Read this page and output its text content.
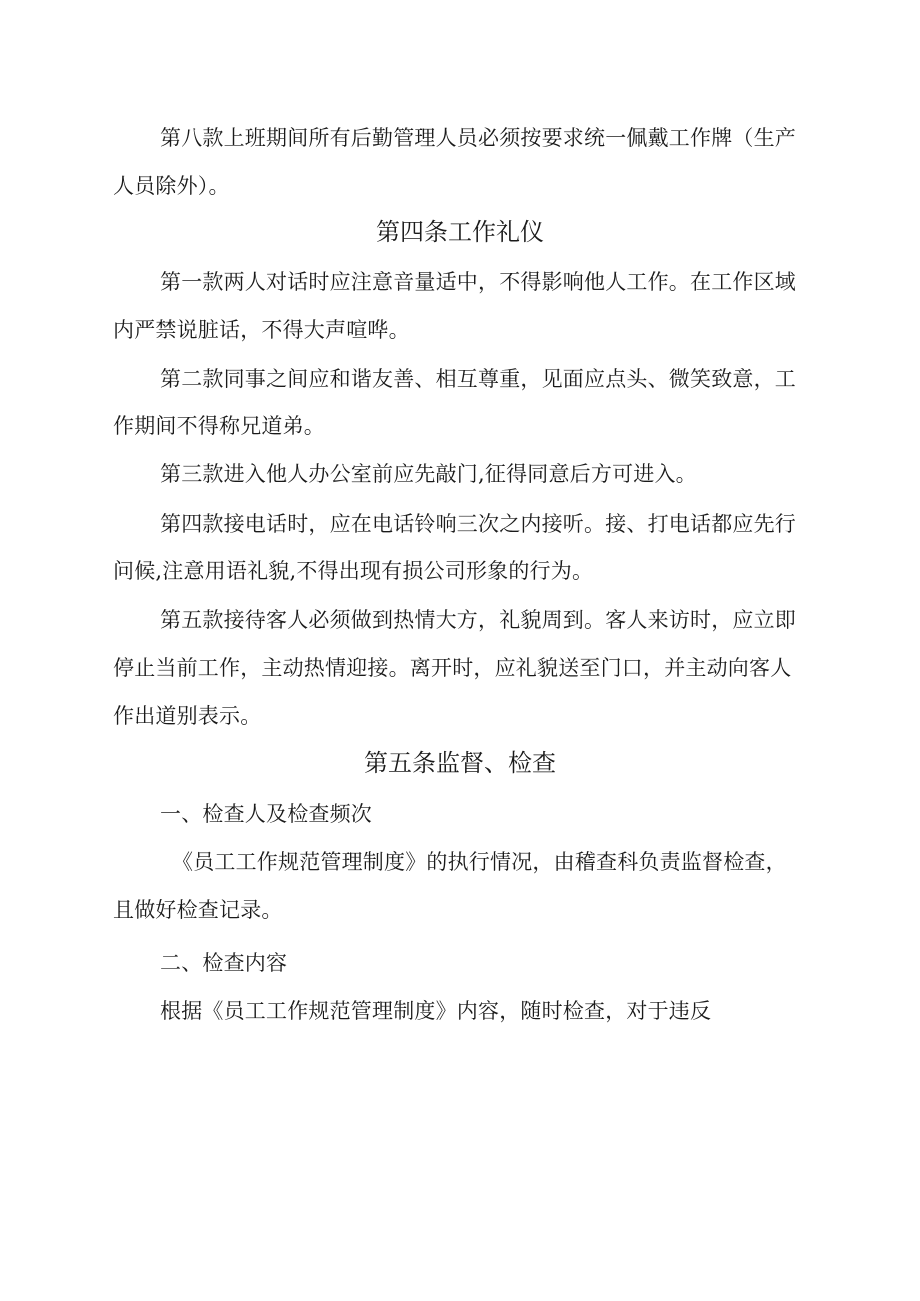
第八款上班期间所有后勤管理人员必须按要求统一佩戴工作牌（生产
人员除外）。
第四条工作礼仪
第一款两人对话时应注意音量适中，不得影响他人工作。在工作区域
内严禁说脏话，不得大声喧哗。
第二款同事之间应和谐友善、相互尊重，见面应点头、微笑致意，工
作期间不得称兄道弟。
第三款进入他人办公室前应先敲门,征得同意后方可进入。
第四款接电话时，应在电话铃响三次之内接听。接、打电话都应先行
问候,注意用语礼貌,不得出现有损公司形象的行为。
第五款接待客人必须做到热情大方，礼貌周到。客人来访时，应立即
停止当前工作，主动热情迎接。离开时，应礼貌送至门口，并主动向客人
作出道别表示。
第五条监督、检查
一、检查人及检查频次
《员工工作规范管理制度》的执行情况，由稽查科负责监督检查，
且做好检查记录。
二、检查内容
根据《员工工作规范管理制度》内容，随时检查，对于违反
